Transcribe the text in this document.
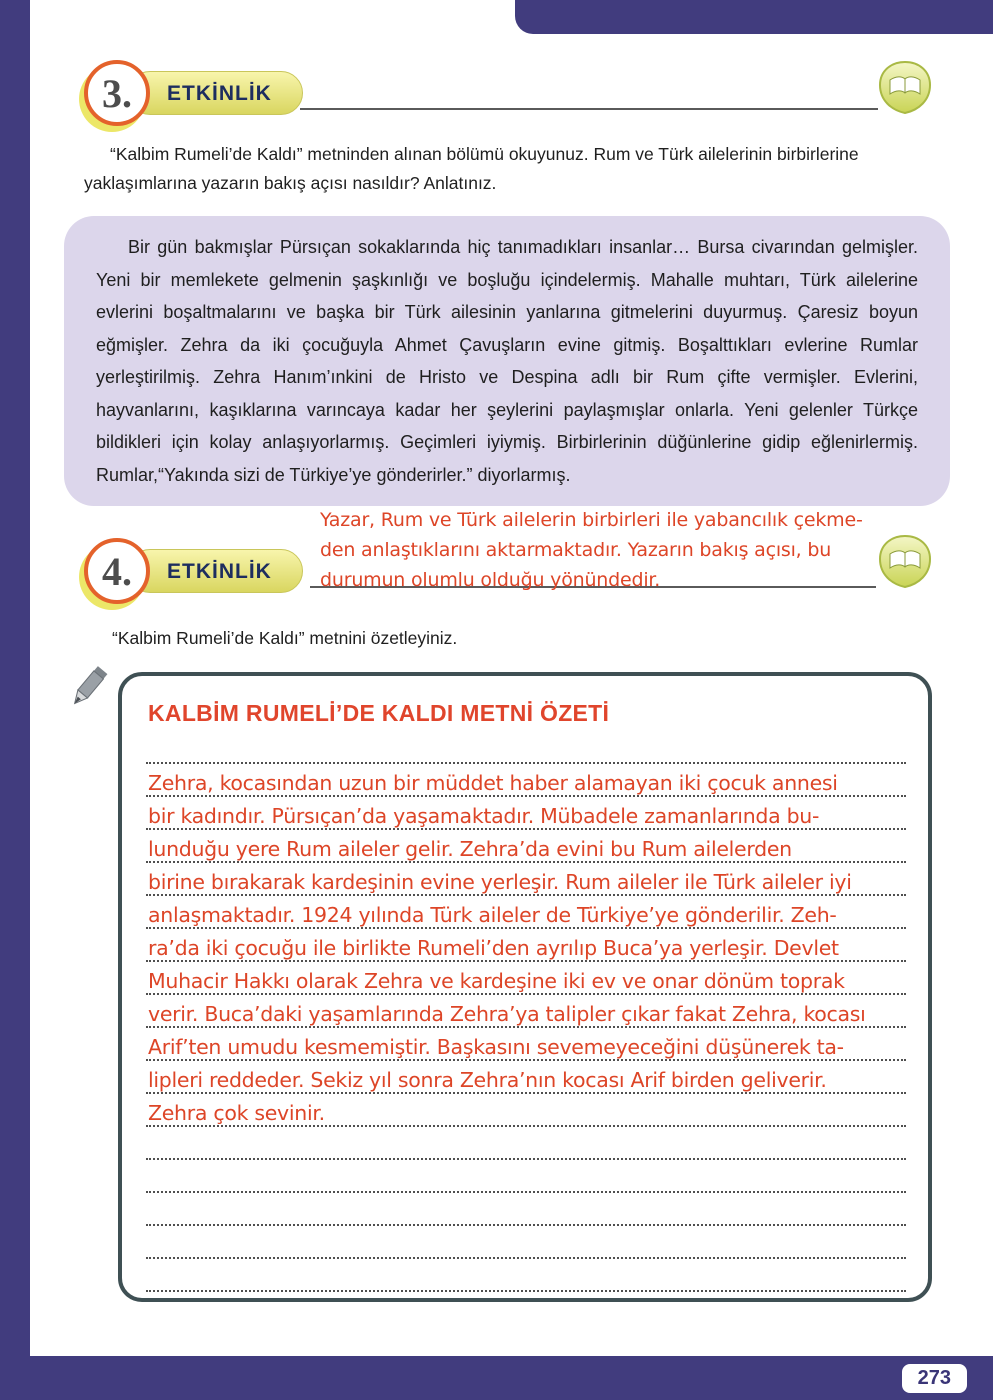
273
3.	ETKİNLİK

“Kalbim Rumeli’de Kaldı” metninden alınan bölümü okuyunuz. Rum ve Türk ailelerinin birbirlerine yaklaşımlarına yazarın bakış açısı nasıldır? Anlatınız.

Bir gün bakmışlar Pürsıçan sokaklarında hiç tanımadıkları insanlar… Bursa civarından gelmişler. Yeni bir memlekete gelmenin şaşkınlığı ve boşluğu içindelermiş. Mahalle muhtarı, Türk ailelerine evlerini boşaltmalarını ve başka bir Türk ailesinin yanlarına gitmelerini duyurmuş. Çaresiz boyun eğmişler. Zehra da iki çocuğuyla Ahmet Çavuşların evine gitmiş. Boşalttıkları evlerine Rumlar yerleştirilmiş. Zehra Hanım’ınkini de Hristo ve Despina adlı bir Rum çifte vermişler. Evlerini, hayvanlarını, kaşıklarına varıncaya kadar her şeylerini paylaşmışlar onlarla. Yeni gelenler Türkçe bildikleri için kolay anlaşıyorlarmış. Geçimleri iyiymiş. Birbirlerinin düğünlerine gidip eğlenirlermiş. Rumlar,“Yakında sizi de Türkiye’ye gönderirler.” diyorlarmış.

Yazar, Rum ve Türk ailelerin birbirleri ile yabancılık çekme-
den anlaştıklarını aktarmaktadır. Yazarın bakış açısı, bu
durumun olumlu olduğu yönündedir.
4.	ETKİNLİK

“Kalbim Rumeli’de Kaldı” metnini özetleyiniz.

KALBİM RUMELİ’DE KALDI METNİ ÖZETİ
Zehra, kocasından uzun bir müddet haber alamayan iki çocuk annesi
bir kadındır. Pürsıçan’da yaşamaktadır. Mübadele zamanlarında bu-
lunduğu yere Rum aileler gelir. Zehra’da evini bu Rum ailelerden
birine bırakarak kardeşinin evine yerleşir. Rum aileler ile Türk aileler iyi
anlaşmaktadır. 1924 yılında Türk aileler de Türkiye’ye gönderilir. Zeh-
ra’da iki çocuğu ile birlikte Rumeli’den ayrılıp Buca’ya yerleşir. Devlet
Muhacir Hakkı olarak Zehra ve kardeşine iki ev ve onar dönüm toprak
verir. Buca’daki yaşamlarında Zehra’ya talipler çıkar fakat Zehra, kocası
Arif’ten umudu kesmemiştir. Başkasını sevemeyeceğini düşünerek ta-
lipleri reddeder. Sekiz yıl sonra Zehra’nın kocası Arif birden geliverir.
Zehra çok sevinir.
